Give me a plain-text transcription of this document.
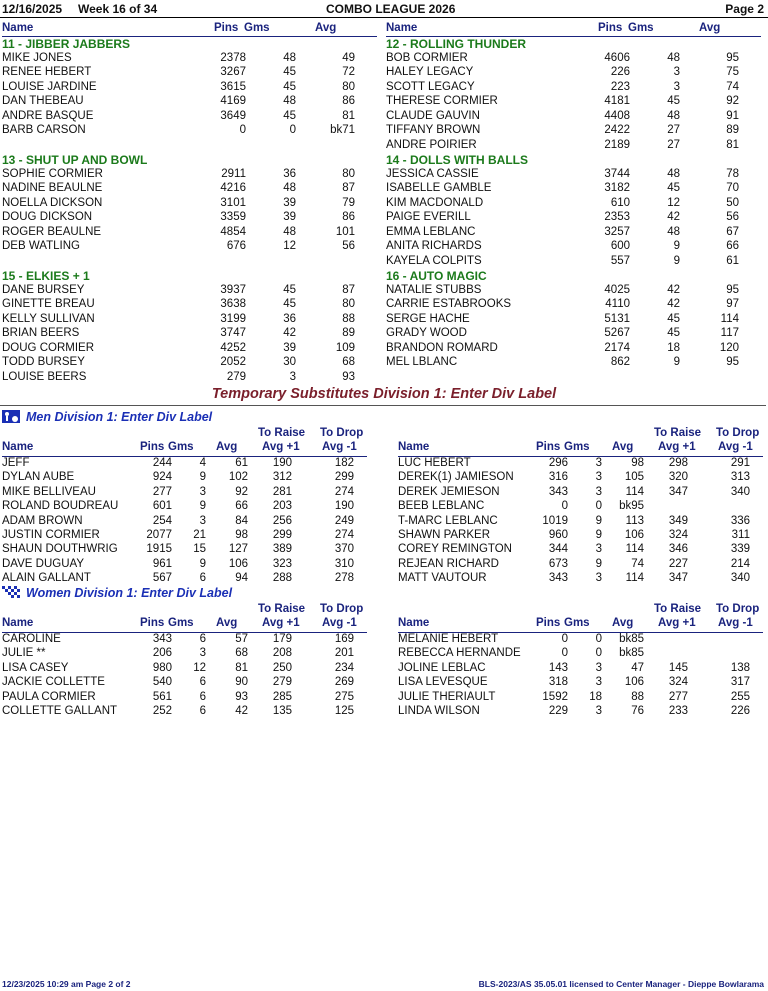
12/16/2025 Week 16 of 34	COMBO LEAGUE 2026	Page 2
Name	Pins Gms	Avg
11 - JIBBER JABBERS
MIKE JONES	2378	48	49
RENEE HEBERT	3267	45	72
LOUISE JARDINE	3615	45	80
DAN THEBEAU	4169	48	86
ANDRE BASQUE	3649	45	81
BARB CARSON	0	0	bk71
13 - SHUT UP AND BOWL
SOPHIE CORMIER	2911	36	80
NADINE BEAULNE	4216	48	87
NOELLA DICKSON	3101	39	79
DOUG DICKSON	3359	39	86
ROGER BEAULNE	4854	48	101
DEB WATLING	676	12	56
15 - ELKIES + 1
DANE BURSEY	3937	45	87
GINETTE BREAU	3638	45	80
KELLY SULLIVAN	3199	36	88
BRIAN BEERS	3747	42	89
DOUG CORMIER	4252	39	109
TODD BURSEY	2052	30	68
LOUISE BEERS	279	3	93
Name	Pins Gms	Avg
12 - ROLLING THUNDER
BOB CORMIER	4606	48	95
HALEY LEGACY	226	3	75
SCOTT LEGACY	223	3	74
THERESE CORMIER	4181	45	92
CLAUDE GAUVIN	4408	48	91
TIFFANY BROWN	2422	27	89
ANDRE POIRIER	2189	27	81
14 - DOLLS WITH BALLS
JESSICA CASSIE	3744	48	78
ISABELLE GAMBLE	3182	45	70
KIM MACDONALD	610	12	50
PAIGE EVERILL	2353	42	56
EMMA LEBLANC	3257	48	67
ANITA RICHARDS	600	9	66
KAYELA COLPITS	557	9	61
16 - AUTO MAGIC
NATALIE STUBBS	4025	42	95
CARRIE ESTABROOKS	4110	42	97
SERGE HACHE	5131	45	114
GRADY WOOD	5267	45	117
BRANDON ROMARD	2174	18	120
MEL LBLANC	862	9	95
Temporary Substitutes Division 1: Enter Div Label
Men Division 1: Enter Div Label
Name	Pins Gms Avg
To Raise
Avg +1
To Drop
Avg -1
JEFF	244	4	61	190	182
DYLAN AUBE	924	9	102	312	299
MIKE BELLIVEAU	277	3	92	281	274
ROLAND BOUDREAU	601	9	66	203	190
ADAM BROWN	254	3	84	256	249
JUSTIN CORMIER	2077	21	98	299	274
SHAUN DOUTHWRIG	1915	15	127	389	370
DAVE DUGUAY	961	9	106	323	310
ALAIN GALLANT	567	6	94	288	278
Name	Pins Gms Avg
To Raise
Avg +1
To Drop
Avg -1
LUC HEBERT	296	3	98	298	291
DEREK(1) JAMIESON	316	3	105	320	313
DEREK JEMIESON	343	3	114	347	340
BEEB LEBLANC	0	0	bk95
T-MARC LEBLANC	1019	9	113	349	336
SHAWN PARKER	960	9	106	324	311
COREY REMINGTON	344	3	114	346	339
REJEAN RICHARD	673	9	74	227	214
MATT VAUTOUR	343	3	114	347	340
Women Division 1: Enter Div Label
Name	Pins Gms Avg
To Raise
Avg +1
To Drop
Avg -1
CAROLINE	343	6	57	179	169
JULIE **	206	3	68	208	201
LISA CASEY	980	12	81	250	234
JACKIE COLLETTE	540	6	90	279	269
PAULA CORMIER	561	6	93	285	275
COLLETTE GALLANT	252	6	42	135	125
Name	Pins Gms Avg
To Raise
Avg +1
To Drop
Avg -1
MELANIE HEBERT	0	0	bk85
REBECCA HERNANDE	0	0	bk85
JOLINE LEBLAC	143	3	47	145	138
LISA LEVESQUE	318	3	106	324	317
JULIE THERIAULT	1592	18	88	277	255
LINDA WILSON	229	3	76	233	226
12/23/2025 10:29 am Page 2 of 2	BLS-2023/AS 35.05.01 licensed to Center Manager - Dieppe Bowlarama
